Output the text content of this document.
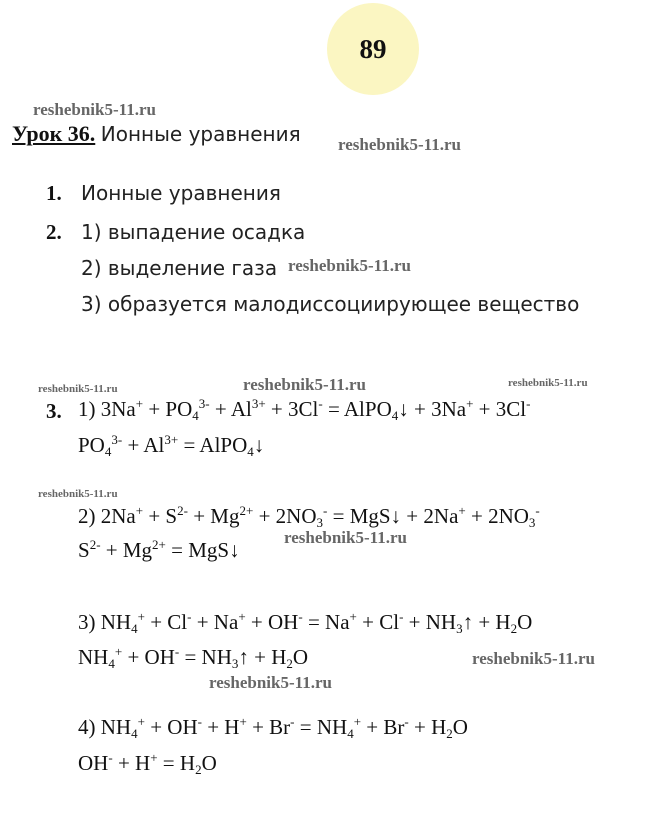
89
reshebnik5-11.ru
reshebnik5-11.ru
reshebnik5-11.ru
reshebnik5-11.ru	reshebnik5-11.ru	reshebnik5-11.ru
reshebnik5-11.ru
reshebnik5-11.ru
reshebnik5-11.ru
reshebnik5-11.ru
Урок 36. Ионные уравнения
1. Ионные уравнения
2. 1) выпадение осадка
2) выделение газа
3) образуется малодиссоциирующее вещество
3. 1) $3Na^+ + PO_4^{3-} + Al^{3+} + 3Cl^-$ = AlPO$_4$↓ + 3Na+ + 3Cl-
$PO_4^{3-} + Al^{3+}$ = AlPO$_4$↓
2) $2Na^+ + S^{2-} + Mg^{2+} + 2NO_3^-$ = MgS↓ + $2Na^+ + 2NO_3^-$
$S^{2-} + Mg^{2+}$ = MgS↓
3) $NH_4^+ + Cl^- + Na^+ + OH^- = Na^+ + Cl^-$ + $NH_3↑ + H_2O$
$NH_4^+ + OH^-$ = $NH_3↑ + H_2O$
4) $NH_4^+ + OH^- + H^+ + Br^- = NH_4^+ + Br^- + H_2O$
$OH^- + H^+ = H_2O$
